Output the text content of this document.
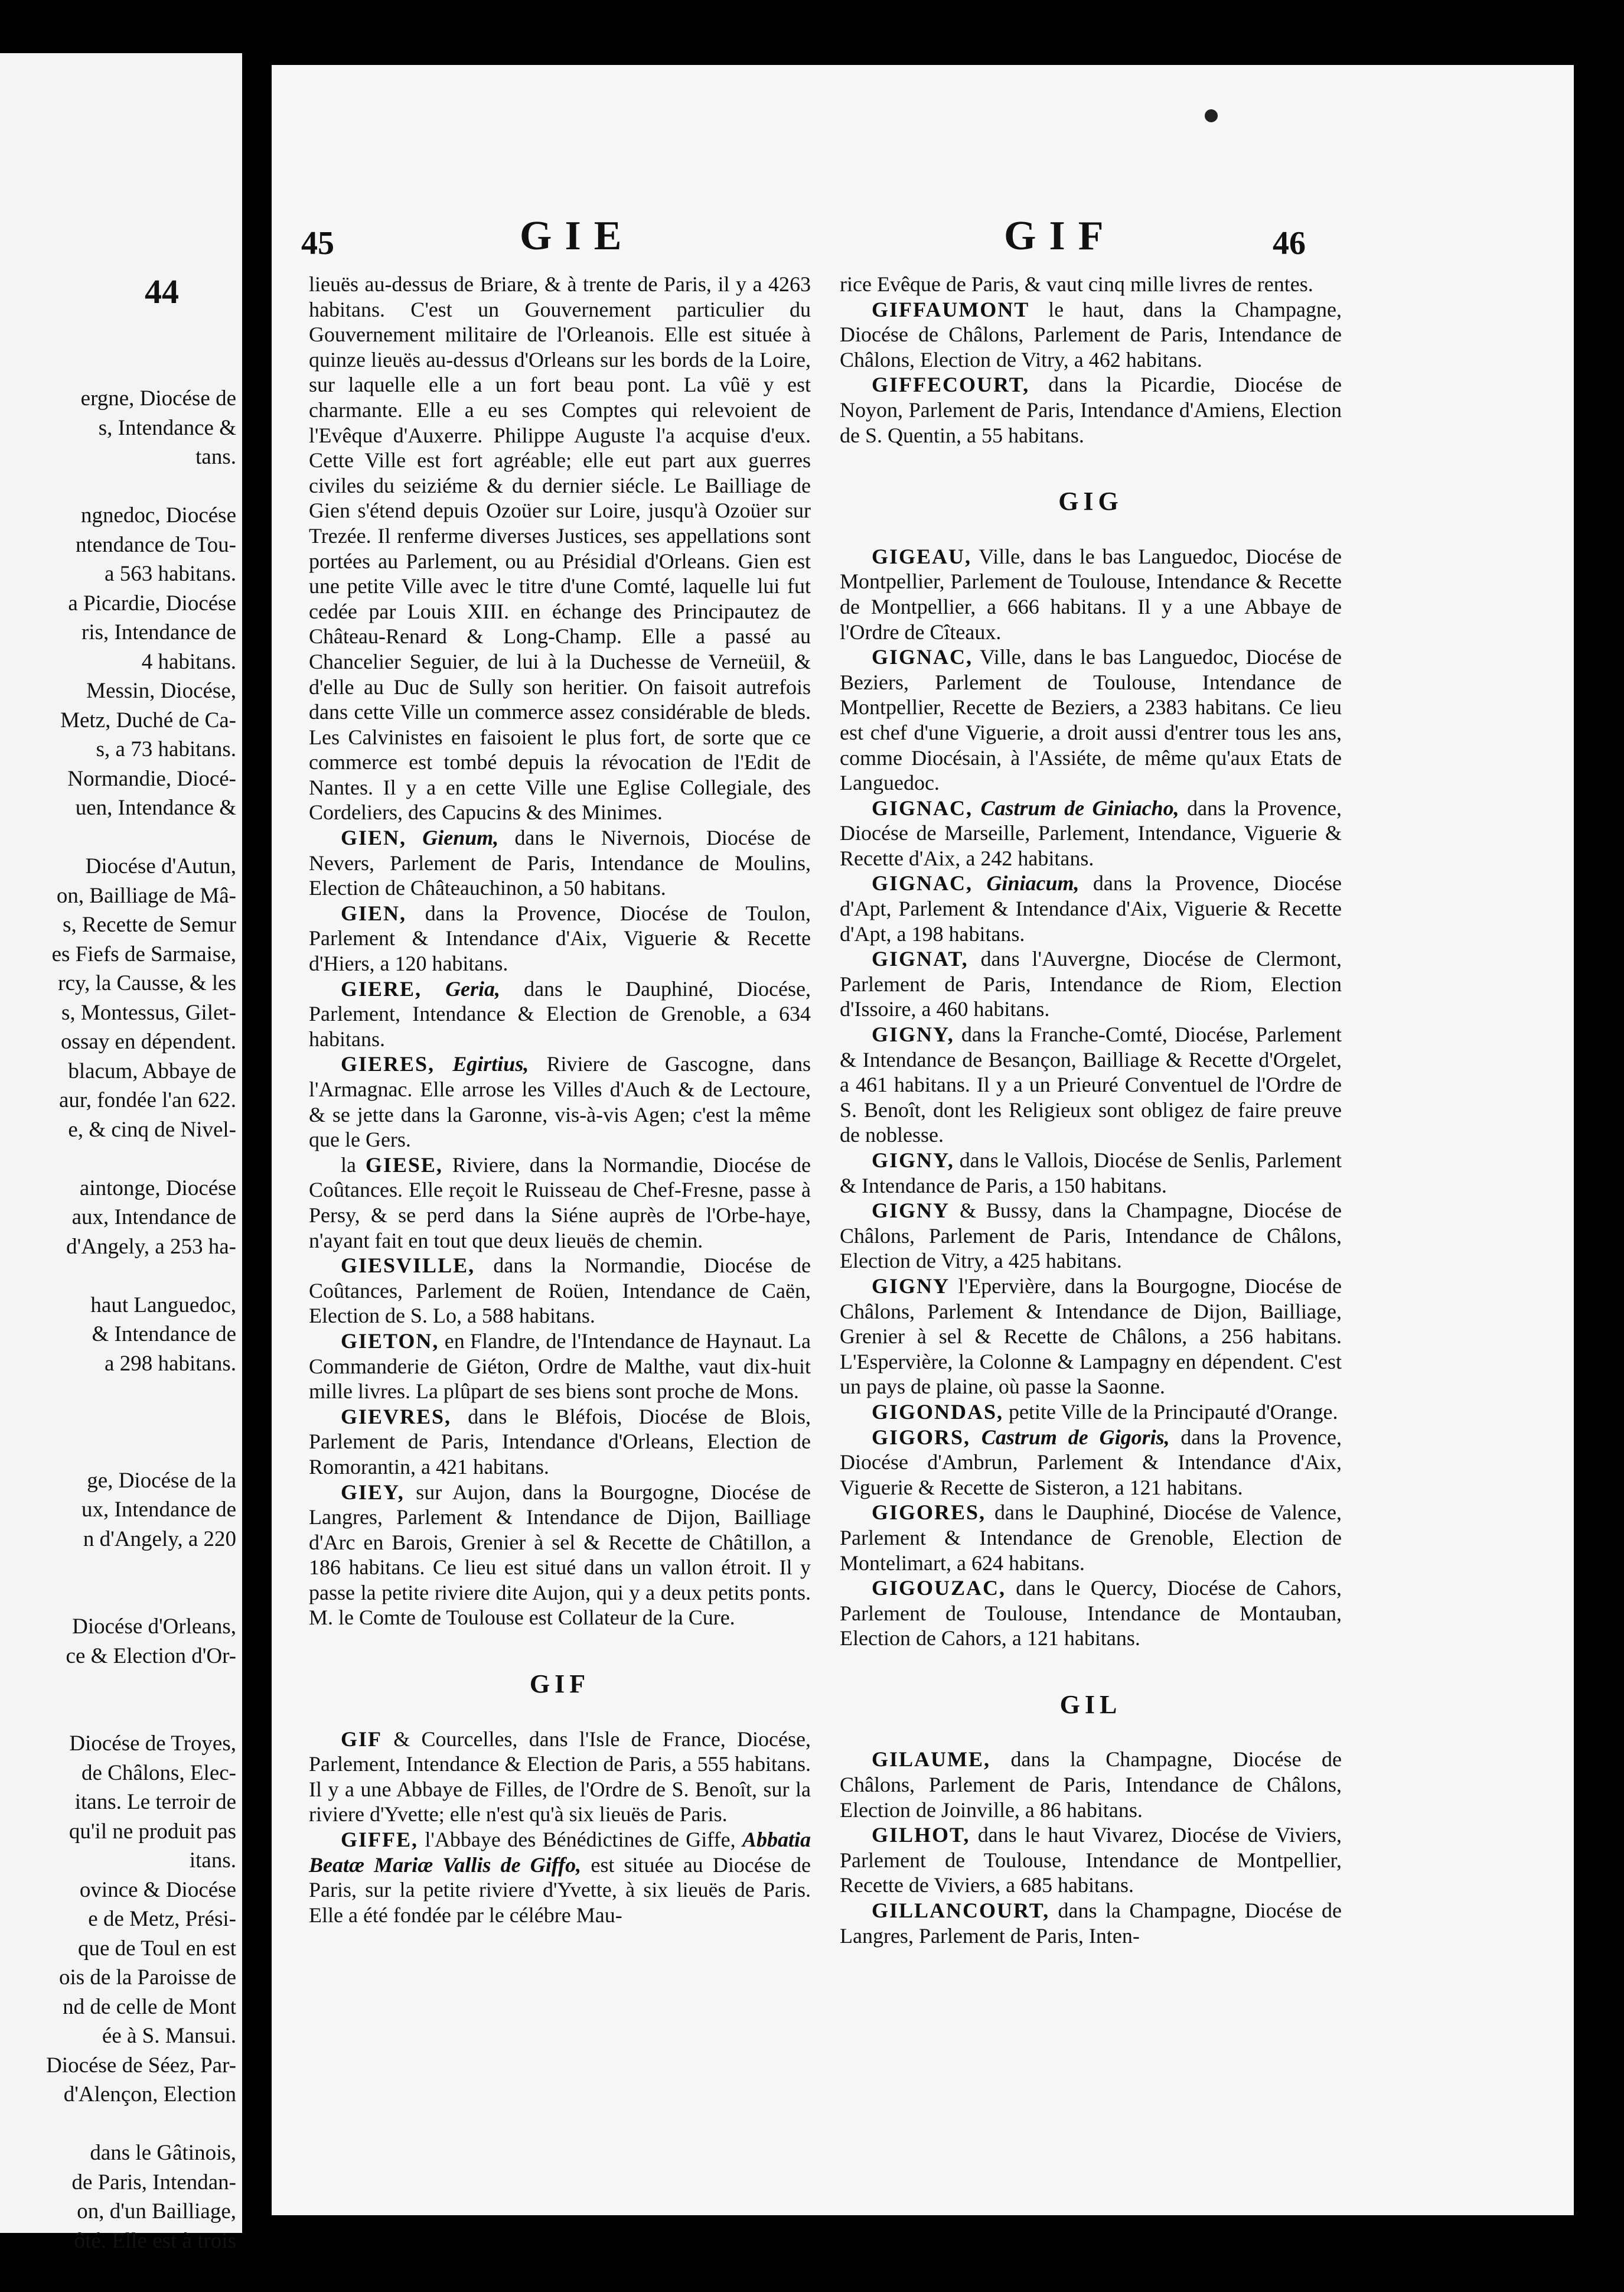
44
ergne, Diocése de
s, Intendance &
tans.
ngnedoc, Diocése
ntendance de Tou-
a 563 habitans.
a Picardie, Diocése
ris, Intendance de
4 habitans.
Messin, Diocése,
Metz, Duché de Ca-
s, a 73 habitans.
Normandie, Diocé-
uen, Intendance &
Diocése d'Autun,
on, Bailliage de Mâ-
s, Recette de Semur
es Fiefs de Sarmaise,
rcy, la Causse, & les
s, Montessus, Gilet-
ossay en dépendent.
blacum, Abbaye de
aur, fondée l'an 622.
e, & cinq de Nivel-
aintonge, Diocése
aux, Intendance de
d'Angely, a 253 ha-
haut Languedoc,
& Intendance de
a 298 habitans.
ge, Diocése de la
ux, Intendance de
n d'Angely, a 220
Diocése d'Orleans,
ce & Election d'Or-
Diocése de Troyes,
de Châlons, Elec-
itans. Le terroir de
qu'il ne produit pas
itans.
ovince & Diocése
e de Metz, Prési-
que de Toul en est
ois de la Paroisse de
nd de celle de Mont
ée à S. Mansui.
Diocése de Séez, Par-
d'Alençon, Election
dans le Gâtinois,
de Paris, Intendan-
on, d'un Bailliage,
ôté. Elle est à trois
45	GIE	GIF	46

lieuës au-dessus de Briare, & à trente de Paris, il y a 4263 habitans. C'est un Gouvernement particulier du Gouvernement militaire de l'Orleanois. Elle est située à quinze lieuës au-dessus d'Orleans sur les bords de la Loire, sur laquelle elle a un fort beau pont. La vûë y est charmante. Elle a eu ses Comptes qui relevoient de l'Evêque d'Auxerre. Philippe Auguste l'a acquise d'eux. Cette Ville est fort agréable; elle eut part aux guerres civiles du seiziéme & du dernier siécle. Le Bailliage de Gien s'étend depuis Ozoüer sur Loire, jusqu'à Ozoüer sur Trezée. Il renferme diverses Justices, ses appellations sont portées au Parlement, ou au Présidial d'Orleans. Gien est une petite Ville avec le titre d'une Comté, laquelle lui fut cedée par Louis XIII. en échange des Principautez de Château-Renard & Long-Champ. Elle a passé au Chancelier Seguier, de lui à la Duchesse de Verneüil, & d'elle au Duc de Sully son heritier. On faisoit autrefois dans cette Ville un commerce assez considérable de bleds. Les Calvinistes en faisoient le plus fort, de sorte que ce commerce est tombé depuis la révocation de l'Edit de Nantes. Il y a en cette Ville une Eglise Collegiale, des Cordeliers, des Capucins & des Minimes.

GIEN, Gienum, dans le Nivernois, Diocése de Nevers, Parlement de Paris, Intendance de Moulins, Election de Châteauchinon, a 50 habitans.

GIEN, dans la Provence, Diocése de Toulon, Parlement & Intendance d'Aix, Viguerie & Recette d'Hiers, a 120 habitans.

GIERE, Geria, dans le Dauphiné, Diocése, Parlement, Intendance & Election de Grenoble, a 634 habitans.

GIERES, Egirtius, Riviere de Gascogne, dans l'Armagnac. Elle arrose les Villes d'Auch & de Lectoure, & se jette dans la Garonne, vis-à-vis Agen; c'est la même que le Gers.

la GIESE, Riviere, dans la Normandie, Diocése de Coûtances. Elle reçoit le Ruisseau de Chef-Fresne, passe à Persy, & se perd dans la Siéne auprès de l'Orbe-haye, n'ayant fait en tout que deux lieuës de chemin.

GIESVILLE, dans la Normandie, Diocése de Coûtances, Parlement de Roüen, Intendance de Caën, Election de S. Lo, a 588 habitans.

GIETON, en Flandre, de l'Intendance de Haynaut. La Commanderie de Giéton, Ordre de Malthe, vaut dix-huit mille livres. La plûpart de ses biens sont proche de Mons.

GIEVRES, dans le Bléfois, Diocése de Blois, Parlement de Paris, Intendance d'Orleans, Election de Romorantin, a 421 habitans.

GIEY, sur Aujon, dans la Bourgogne, Diocése de Langres, Parlement & Intendance de Dijon, Bailliage d'Arc en Barois, Grenier à sel & Recette de Châtillon, a 186 habitans. Ce lieu est situé dans un vallon étroit. Il y passe la petite riviere dite Aujon, qui y a deux petits ponts. M. le Comte de Toulouse est Collateur de la Cure.

GIF

GIF & Courcelles, dans l'Isle de France, Diocése, Parlement, Intendance & Election de Paris, a 555 habitans. Il y a une Abbaye de Filles, de l'Ordre de S. Benoît, sur la riviere d'Yvette; elle n'est qu'à six lieuës de Paris.

GIFFE, l'Abbaye des Bénédictines de Giffe, Abbatia Beatæ Mariæ Vallis de Giffo, est située au Diocése de Paris, sur la petite riviere d'Yvette, à six lieuës de Paris. Elle a été fondée par le célébre Mau-

rice Evêque de Paris, & vaut cinq mille livres de rentes.

GIFFAUMONT le haut, dans la Champagne, Diocése de Châlons, Parlement de Paris, Intendance de Châlons, Election de Vitry, a 462 habitans.

GIFFECOURT, dans la Picardie, Diocése de Noyon, Parlement de Paris, Intendance d'Amiens, Election de S. Quentin, a 55 habitans.

GIG

GIGEAU, Ville, dans le bas Languedoc, Diocése de Montpellier, Parlement de Toulouse, Intendance & Recette de Montpellier, a 666 habitans. Il y a une Abbaye de l'Ordre de Cîteaux.

GIGNAC, Ville, dans le bas Languedoc, Diocése de Beziers, Parlement de Toulouse, Intendance de Montpellier, Recette de Beziers, a 2383 habitans. Ce lieu est chef d'une Viguerie, a droit aussi d'entrer tous les ans, comme Diocésain, à l'Assiéte, de même qu'aux Etats de Languedoc.

GIGNAC, Castrum de Giniacho, dans la Provence, Diocése de Marseille, Parlement, Intendance, Viguerie & Recette d'Aix, a 242 habitans.

GIGNAC, Giniacum, dans la Provence, Diocése d'Apt, Parlement & Intendance d'Aix, Viguerie & Recette d'Apt, a 198 habitans.

GIGNAT, dans l'Auvergne, Diocése de Clermont, Parlement de Paris, Intendance de Riom, Election d'Issoire, a 460 habitans.

GIGNY, dans la Franche-Comté, Diocése, Parlement & Intendance de Besançon, Bailliage & Recette d'Orgelet, a 461 habitans. Il y a un Prieuré Conventuel de l'Ordre de S. Benoît, dont les Religieux sont obligez de faire preuve de noblesse.

GIGNY, dans le Vallois, Diocése de Senlis, Parlement & Intendance de Paris, a 150 habitans.

GIGNY & Bussy, dans la Champagne, Diocése de Châlons, Parlement de Paris, Intendance de Châlons, Election de Vitry, a 425 habitans.

GIGNY l'Epervière, dans la Bourgogne, Diocése de Châlons, Parlement & Intendance de Dijon, Bailliage, Grenier à sel & Recette de Châlons, a 256 habitans. L'Espervière, la Colonne & Lampagny en dépendent. C'est un pays de plaine, où passe la Saonne.

GIGONDAS, petite Ville de la Principauté d'Orange.

GIGORS, Castrum de Gigoris, dans la Provence, Diocése d'Ambrun, Parlement & Intendance d'Aix, Viguerie & Recette de Sisteron, a 121 habitans.

GIGORES, dans le Dauphiné, Diocése de Valence, Parlement & Intendance de Grenoble, Election de Montelimart, a 624 habitans.

GIGOUZAC, dans le Quercy, Diocése de Cahors, Parlement de Toulouse, Intendance de Montauban, Election de Cahors, a 121 habitans.

GIL

GILAUME, dans la Champagne, Diocése de Châlons, Parlement de Paris, Intendance de Châlons, Election de Joinville, a 86 habitans.

GILHOT, dans le haut Vivarez, Diocése de Viviers, Parlement de Toulouse, Intendance de Montpellier, Recette de Viviers, a 685 habitans.

GILLANCOURT, dans la Champagne, Diocése de Langres, Parlement de Paris, Inten-
